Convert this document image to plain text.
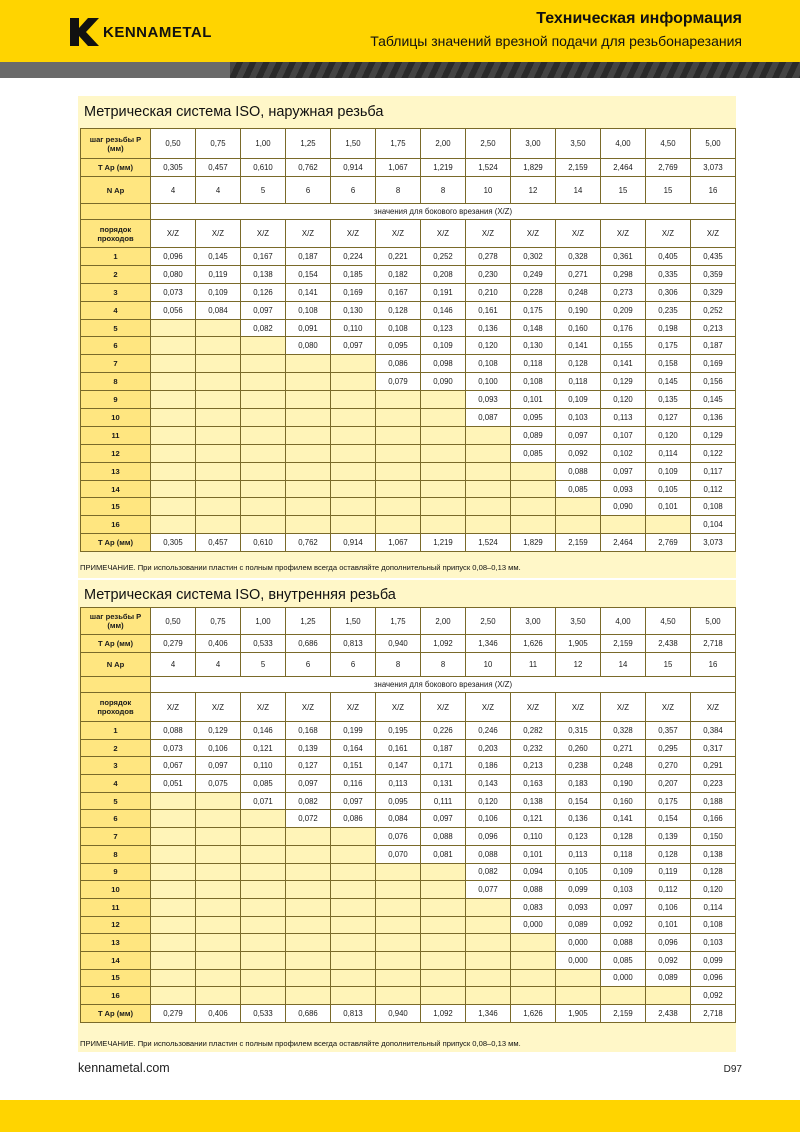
KENNAMETAL
Техническая информация
Таблицы значений врезной подачи для резьбонарезания
Метрическая система ISO, наружная резьба
шаг резьбы P (мм)	0,50	0,75	1,00	1,25	1,50	1,75	2,00	2,50	3,00	3,50	4,00	4,50	5,00
T Ap (мм)	0,305	0,457	0,610	0,762	0,914	1,067	1,219	1,524	1,829	2,159	2,464	2,769	3,073
N Ap	4	4	5	6	6	8	8	10	12	14	15	15	16
	значения для бокового врезания (X/Z)												
порядок проходов	X/Z	X/Z	X/Z	X/Z	X/Z	X/Z	X/Z	X/Z	X/Z	X/Z	X/Z	X/Z	X/Z
1	0,096	0,145	0,167	0,187	0,224	0,221	0,252	0,278	0,302	0,328	0,361	0,405	0,435
2	0,080	0,119	0,138	0,154	0,185	0,182	0,208	0,230	0,249	0,271	0,298	0,335	0,359
3	0,073	0,109	0,126	0,141	0,169	0,167	0,191	0,210	0,228	0,248	0,273	0,306	0,329
4	0,056	0,084	0,097	0,108	0,130	0,128	0,146	0,161	0,175	0,190	0,209	0,235	0,252
5			0,082	0,091	0,110	0,108	0,123	0,136	0,148	0,160	0,176	0,198	0,213
6				0,080	0,097	0,095	0,109	0,120	0,130	0,141	0,155	0,175	0,187
7						0,086	0,098	0,108	0,118	0,128	0,141	0,158	0,169
8						0,079	0,090	0,100	0,108	0,118	0,129	0,145	0,156
9								0,093	0,101	0,109	0,120	0,135	0,145
10								0,087	0,095	0,103	0,113	0,127	0,136
11									0,089	0,097	0,107	0,120	0,129
12									0,085	0,092	0,102	0,114	0,122
13										0,088	0,097	0,109	0,117
14										0,085	0,093	0,105	0,112
15											0,090	0,101	0,108
16													0,104
T Ap (мм)	0,305	0,457	0,610	0,762	0,914	1,067	1,219	1,524	1,829	2,159	2,464	2,769	3,073
ПРИМЕЧАНИЕ. При использовании пластин с полным профилем всегда оставляйте дополнительный припуск 0,08–0,13 мм.
Метрическая система ISO, внутренняя резьба
шаг резьбы P (мм)	0,50	0,75	1,00	1,25	1,50	1,75	2,00	2,50	3,00	3,50	4,00	4,50	5,00
T Ap (мм)	0,279	0,406	0,533	0,686	0,813	0,940	1,092	1,346	1,626	1,905	2,159	2,438	2,718
N Ap	4	4	5	6	6	8	8	10	11	12	14	15	16
	значения для бокового врезания (X/Z)												
порядок проходов	X/Z	X/Z	X/Z	X/Z	X/Z	X/Z	X/Z	X/Z	X/Z	X/Z	X/Z	X/Z	X/Z
1	0,088	0,129	0,146	0,168	0,199	0,195	0,226	0,246	0,282	0,315	0,328	0,357	0,384
2	0,073	0,106	0,121	0,139	0,164	0,161	0,187	0,203	0,232	0,260	0,271	0,295	0,317
3	0,067	0,097	0,110	0,127	0,151	0,147	0,171	0,186	0,213	0,238	0,248	0,270	0,291
4	0,051	0,075	0,085	0,097	0,116	0,113	0,131	0,143	0,163	0,183	0,190	0,207	0,223
5			0,071	0,082	0,097	0,095	0,111	0,120	0,138	0,154	0,160	0,175	0,188
6				0,072	0,086	0,084	0,097	0,106	0,121	0,136	0,141	0,154	0,166
7						0,076	0,088	0,096	0,110	0,123	0,128	0,139	0,150
8						0,070	0,081	0,088	0,101	0,113	0,118	0,128	0,138
9								0,082	0,094	0,105	0,109	0,119	0,128
10								0,077	0,088	0,099	0,103	0,112	0,120
11									0,083	0,093	0,097	0,106	0,114
12									0,000	0,089	0,092	0,101	0,108
13										0,000	0,088	0,096	0,103
14										0,000	0,085	0,092	0,099
15											0,000	0,089	0,096
16													0,092
T Ap (мм)	0,279	0,406	0,533	0,686	0,813	0,940	1,092	1,346	1,626	1,905	2,159	2,438	2,718
ПРИМЕЧАНИЕ. При использовании пластин с полным профилем всегда оставляйте дополнительный припуск 0,08–0,13 мм.
kennametal.com	D97
